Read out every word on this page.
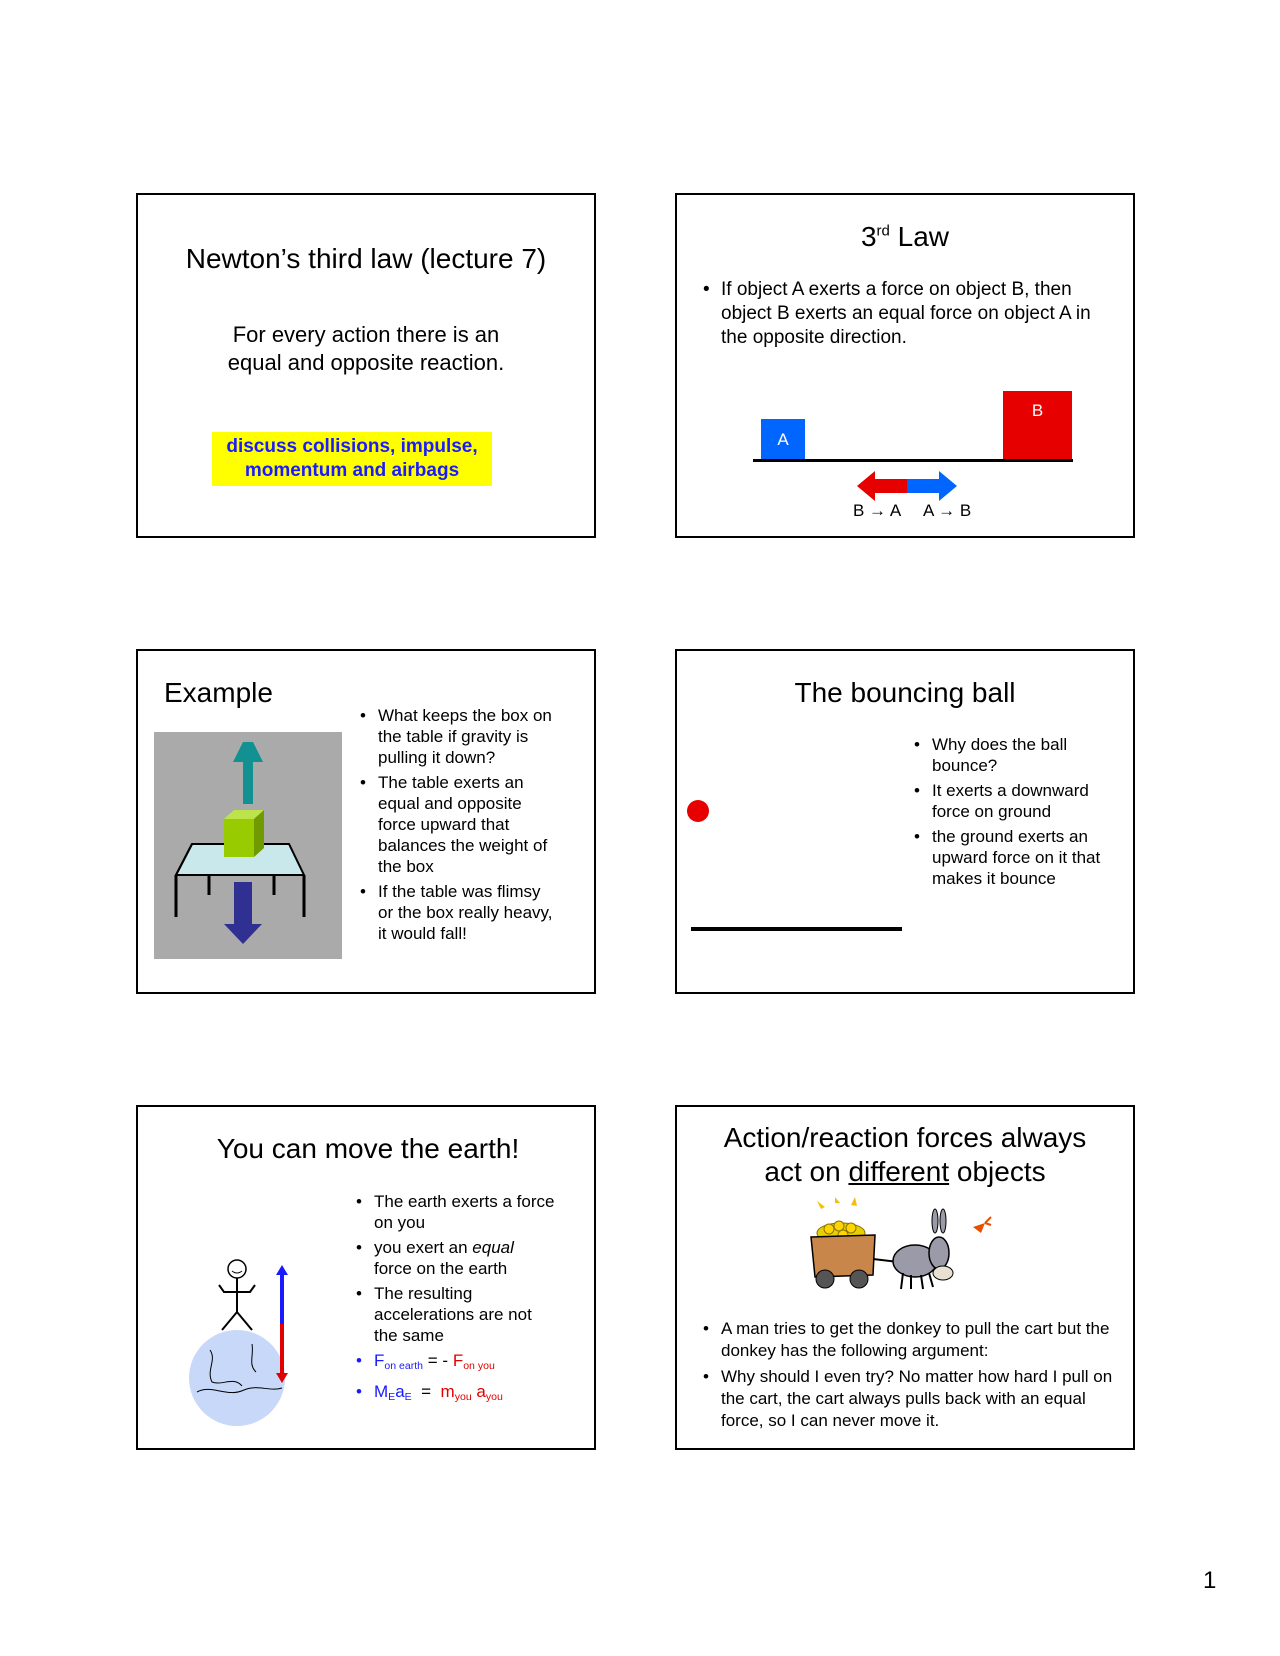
Newton’s third law (lecture 7)
For every action there is an
equal and opposite reaction.
discuss collisions, impulse,
momentum and airbags
3rd Law
• If object A exerts a force on object B, then object B exerts an equal force on object A in the opposite direction.
A
B
B → A A → B
Example
• What keeps the box on the table if gravity is pulling it down?
• The table exerts an equal and opposite force upward that balances the weight of the box
• If the table was flimsy or the box really heavy, it would fall!
The bouncing ball
• Why does the ball bounce?
• It exerts a downward force on ground
• the ground exerts an upward force on it that makes it bounce
You can move the earth!
• The earth exerts a force on you
• you exert an equal force on the earth
• The resulting accelerations are not the same
• $F_{on earth}$ = - $F_{on you}$
• $M_Ea_E = m_{you}$ $a_{you}$
Action/reaction forces always
act on different objects
• A man tries to get the donkey to pull the cart but the donkey has the following argument:
• Why should I even try? No matter how hard I pull on the cart, the cart always pulls back with an equal force, so I can never move it.
1
